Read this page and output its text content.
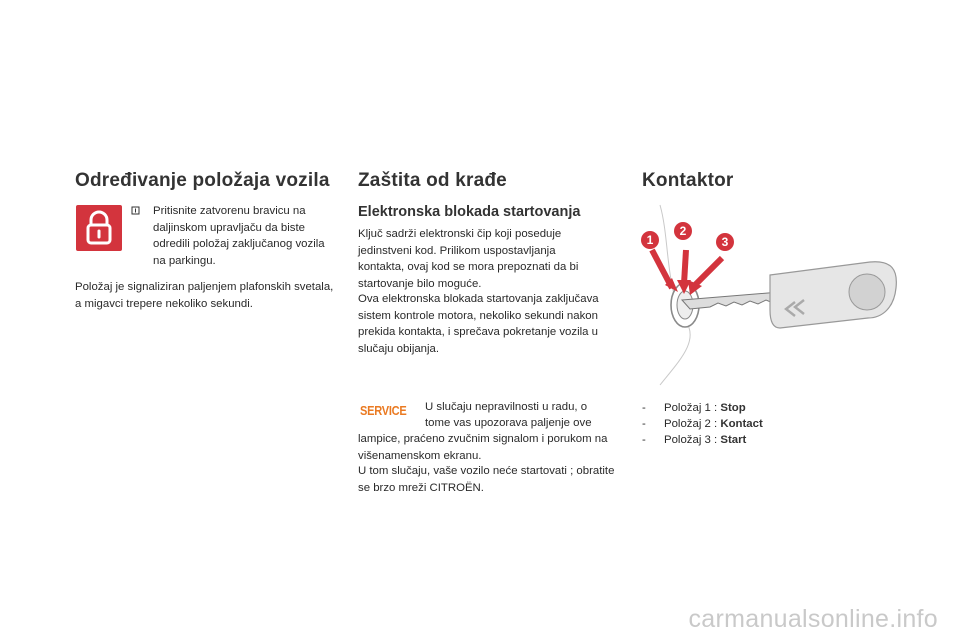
Određivanje položaja vozila

Pritisnite zatvorenu bravicu na daljinskom upravljaču da biste odredili položaj zaključanog vozila na parkingu.

Položaj je signaliziran paljenjem plafonskih svetala, a migavci trepere nekoliko sekundi.

Zaštita od krađe
Elektronska blokada startovanja

Ključ sadrži elektronski čip koji poseduje jedinstveni kod. Prilikom uspostavljanja kontakta, ovaj kod se mora prepoznati da bi startovanje bilo moguće.

Ova elektronska blokada startovanja zaključava sistem kontrole motora, nekoliko sekundi nakon prekida kontakta, i sprečava pokretanje vozila u slučaju obijanja.

SERVICE U slučaju nepravilnosti u radu, o

tome vas upozorava paljenje ove

lampice, praćeno zvučnim signalom i porukom na višenamenskom ekranu.

U tom slučaju, vaše vozilo neće startovati ; obratite se brzo mreži CITROËN.

Kontaktor
1
2
3
- Položaj 1 : Stop
- Položaj 2 : Kontact
- Položaj 3 : Start
carmanualsonline.info
